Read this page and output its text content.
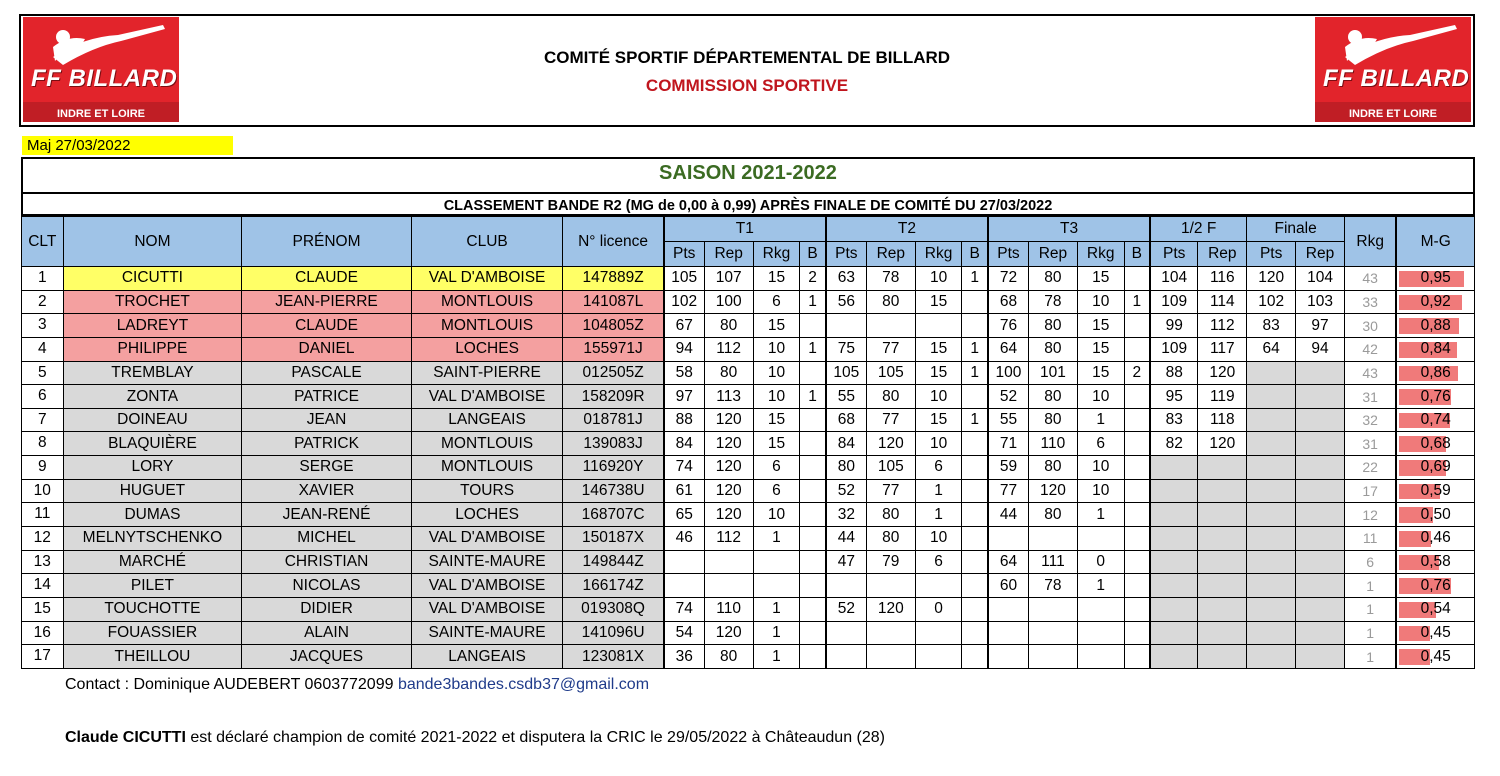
FF BILLARD
INDRE ET LOIRE
COMITÉ SPORTIF DÉPARTEMENTAL DE BILLARD
COMMISSION SPORTIVE	FF BILLARD
INDRE ET LOIRE
Maj 27/03/2022
SAISON 2021-2022
CLASSEMENT BANDE R2 (MG de 0,00 à 0,99) APRÈS FINALE DE COMITÉ DU 27/03/2022
CLT	NOM	PRÉNOM	CLUB	N° licence	T1				T2				T3				1/2 F		Finale		Rkg	M-G
					Pts	Rep	Rkg	B	Pts	Rep	Rkg	B	Pts	Rep	Rkg	B	Pts	Rep	Pts	Rep		
1	CICUTTI	CLAUDE	VAL D'AMBOISE	147889Z	105	107	15	2	63	78	10	1	72	80	15		104	116	120	104	43	0,95
2	TROCHET	JEAN-PIERRE	MONTLOUIS	141087L	102	100	6	1	56	80	15		68	78	10	1	109	114	102	103	33	0,92
3	LADREYT	CLAUDE	MONTLOUIS	104805Z	67	80	15						76	80	15		99	112	83	97	30	0,88
4	PHILIPPE	DANIEL	LOCHES	155971J	94	112	10	1	75	77	15	1	64	80	15		109	117	64	94	42	0,84
5	TREMBLAY	PASCALE	SAINT-PIERRE	012505Z	58	80	10		105	105	15	1	100	101	15	2	88	120			43	0,86
6	ZONTA	PATRICE	VAL D'AMBOISE	158209R	97	113	10	1	55	80	10		52	80	10		95	119			31	0,76
7	DOINEAU	JEAN	LANGEAIS	018781J	88	120	15		68	77	15	1	55	80	1		83	118			32	0,74
8	BLAQUIÈRE	PATRICK	MONTLOUIS	139083J	84	120	15		84	120	10		71	110	6		82	120			31	0,68
9	LORY	SERGE	MONTLOUIS	116920Y	74	120	6		80	105	6		59	80	10						22	0,69
10	HUGUET	XAVIER	TOURS	146738U	61	120	6		52	77	1		77	120	10						17	0,59
11	DUMAS	JEAN-RENÉ	LOCHES	168707C	65	120	10		32	80	1		44	80	1						12	0,50
12	MELNYTSCHENKO	MICHEL	VAL D'AMBOISE	150187X	46	112	1		44	80	10										11	0,46
13	MARCHÉ	CHRISTIAN	SAINTE-MAURE	149844Z					47	79	6		64	111	0						6	0,58
14	PILET	NICOLAS	VAL D'AMBOISE	166174Z									60	78	1						1	0,76
15	TOUCHOTTE	DIDIER	VAL D'AMBOISE	019308Q	74	110	1		52	120	0										1	0,54
16	FOUASSIER	ALAIN	SAINTE-MAURE	141096U	54	120	1														1	0,45
17	THEILLOU	JACQUES	LANGEAIS	123081X	36	80	1														1	0,45
Contact : Dominique AUDEBERT 0603772099 bande3bandes.csdb37@gmail.com
Claude CICUTTI est déclaré champion de comité 2021-2022 et disputera la CRIC le 29/05/2022 à Châteaudun (28)
